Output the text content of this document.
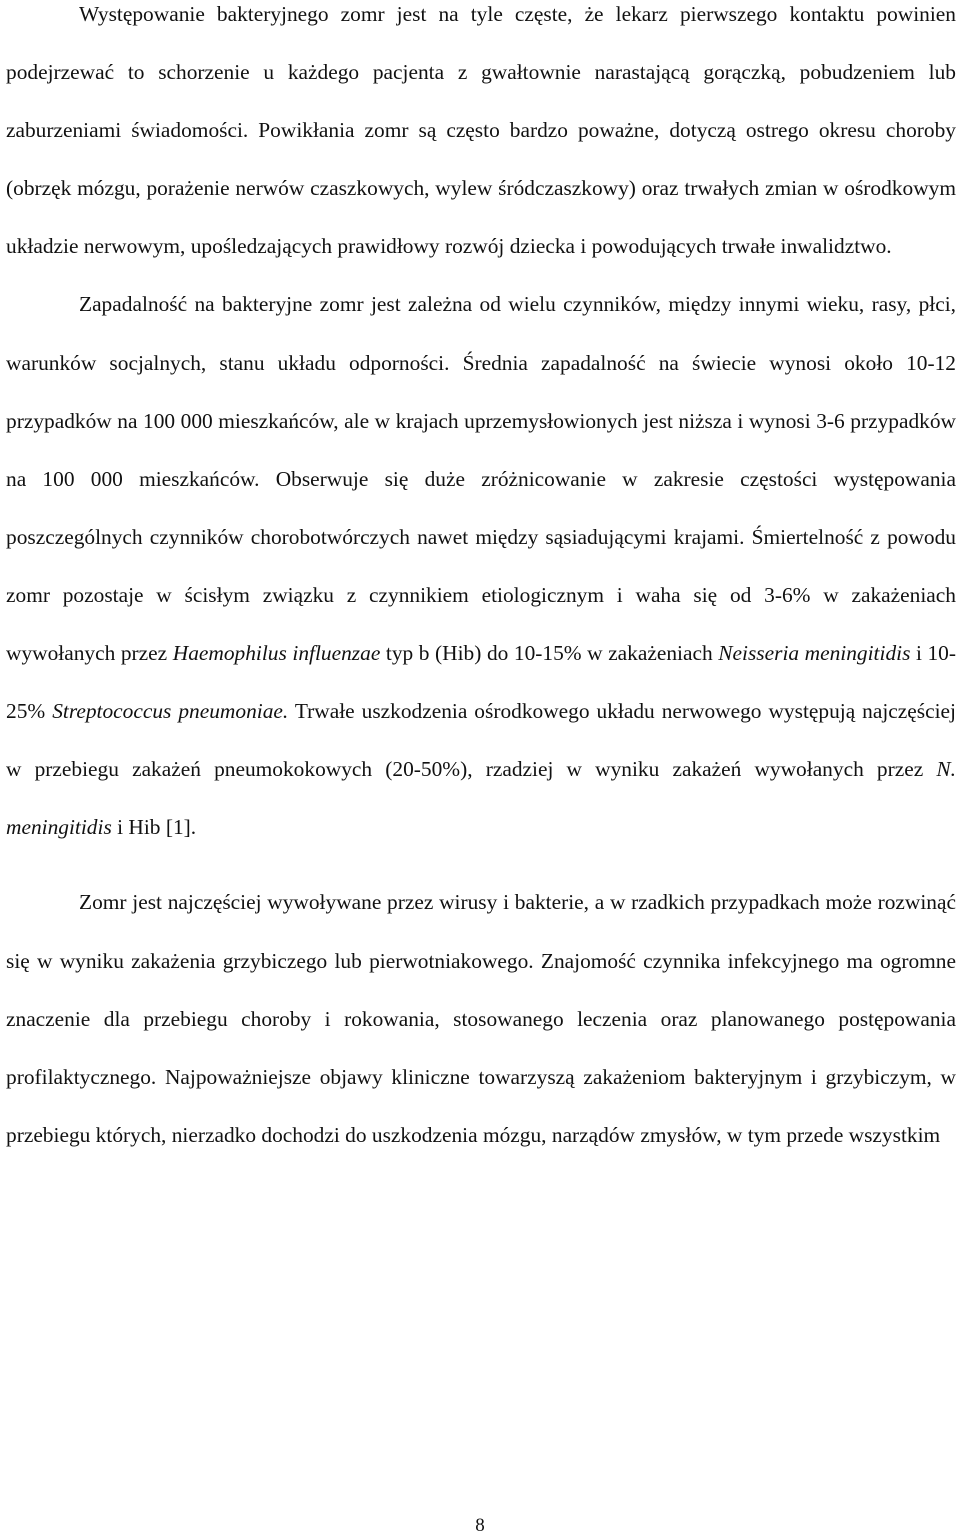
Występowanie bakteryjnego zomr jest na tyle częste, że lekarz pierwszego kontaktu powinien podejrzewać to schorzenie u każdego pacjenta z gwałtownie narastającą gorączką, pobudzeniem lub zaburzeniami świadomości. Powikłania zomr są często bardzo poważne, dotyczą ostrego okresu choroby (obrzęk mózgu, porażenie nerwów czaszkowych, wylew śródczaszkowy) oraz trwałych zmian w ośrodkowym układzie nerwowym, upośledzających prawidłowy rozwój dziecka i powodujących trwałe inwalidztwo.

Zapadalność na bakteryjne zomr jest zależna od wielu czynników, między innymi wieku, rasy, płci, warunków socjalnych, stanu układu odporności. Średnia zapadalność na świecie wynosi około 10-12 przypadków na 100 000 mieszkańców, ale w krajach uprzemysłowionych jest niższa i wynosi 3-6 przypadków na 100 000 mieszkańców. Obserwuje się duże zróżnicowanie w zakresie częstości występowania poszczególnych czynników chorobotwórczych nawet między sąsiadującymi krajami. Śmiertelność z powodu zomr pozostaje w ścisłym związku z czynnikiem etiologicznym i waha się od 3-6% w zakażeniach wywołanych przez Haemophilus influenzae typ b (Hib) do 10-15% w zakażeniach Neisseria meningitidis i 10-25% Streptococcus pneumoniae. Trwałe uszkodzenia ośrodkowego układu nerwowego występują najczęściej w przebiegu zakażeń pneumokokowych (20-50%), rzadziej w wyniku zakażeń wywołanych przez N. meningitidis i Hib [1].

Zomr jest najczęściej wywoływane przez wirusy i bakterie, a w rzadkich przypadkach może rozwinąć się w wyniku zakażenia grzybiczego lub pierwotniakowego. Znajomość czynnika infekcyjnego ma ogromne znaczenie dla przebiegu choroby i rokowania, stosowanego leczenia oraz planowanego postępowania profilaktycznego. Najpoważniejsze objawy kliniczne towarzyszą zakażeniom bakteryjnym i grzybiczym, w przebiegu których, nierzadko dochodzi do uszkodzenia mózgu, narządów zmysłów, w tym przede wszystkim

8
